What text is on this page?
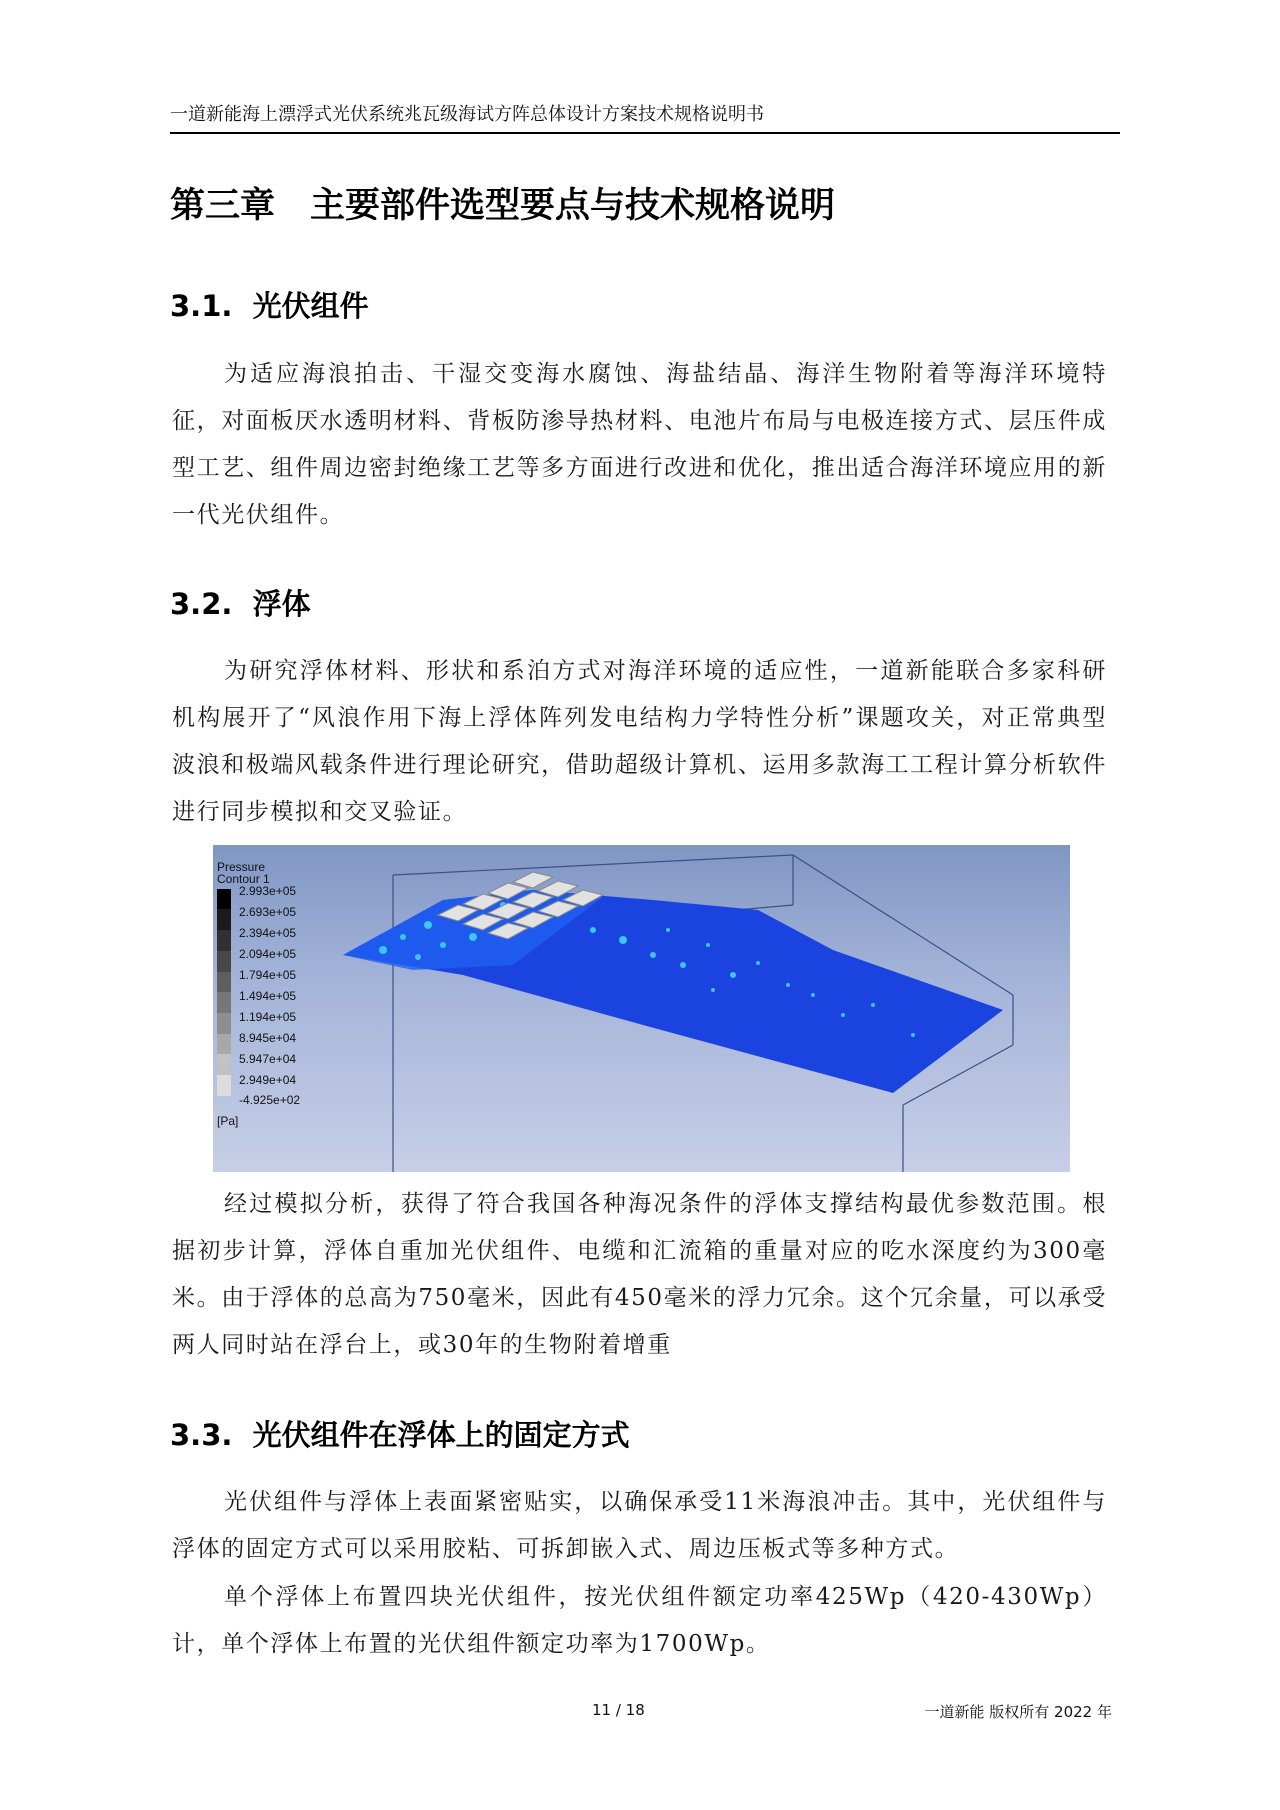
一道新能海上漂浮式光伏系统兆瓦级海试方阵总体设计方案技术规格说明书
第三章　主要部件选型要点与技术规格说明
3.1.  光伏组件

为适应海浪拍击、干湿交变海水腐蚀、海盐结晶、海洋生物附着等海洋环境特征，对面板厌水透明材料、背板防渗导热材料、电池片布局与电极连接方式、层压件成型工艺、组件周边密封绝缘工艺等多方面进行改进和优化，推出适合海洋环境应用的新一代光伏组件。

3.2.  浮体

为研究浮体材料、形状和系泊方式对海洋环境的适应性，一道新能联合多家科研机构展开了“风浪作用下海上浮体阵列发电结构力学特性分析”课题攻关，对正常典型波浪和极端风载条件进行理论研究，借助超级计算机、运用多款海工工程计算分析软件进行同步模拟和交叉验证。

Pressure
Contour 1
2.993e+05
2.693e+05
2.394e+05
2.094e+05
1.794e+05
1.494e+05
1.194e+05
8.945e+04
5.947e+04
2.949e+04
-4.925e+02
[Pa]

经过模拟分析，获得了符合我国各种海况条件的浮体支撑结构最优参数范围。根据初步计算，浮体自重加光伏组件、电缆和汇流箱的重量对应的吃水深度约为300毫米。由于浮体的总高为750毫米，因此有450毫米的浮力冗余。这个冗余量，可以承受两人同时站在浮台上，或30年的生物附着增重

3.3.  光伏组件在浮体上的固定方式

光伏组件与浮体上表面紧密贴实，以确保承受11米海浪冲击。其中，光伏组件与浮体的固定方式可以采用胶粘、可拆卸嵌入式、周边压板式等多种方式。

单个浮体上布置四块光伏组件，按光伏组件额定功率425Wp（420-430Wp）计，单个浮体上布置的光伏组件额定功率为1700Wp。

11 / 18	一道新能 版权所有 2022 年
